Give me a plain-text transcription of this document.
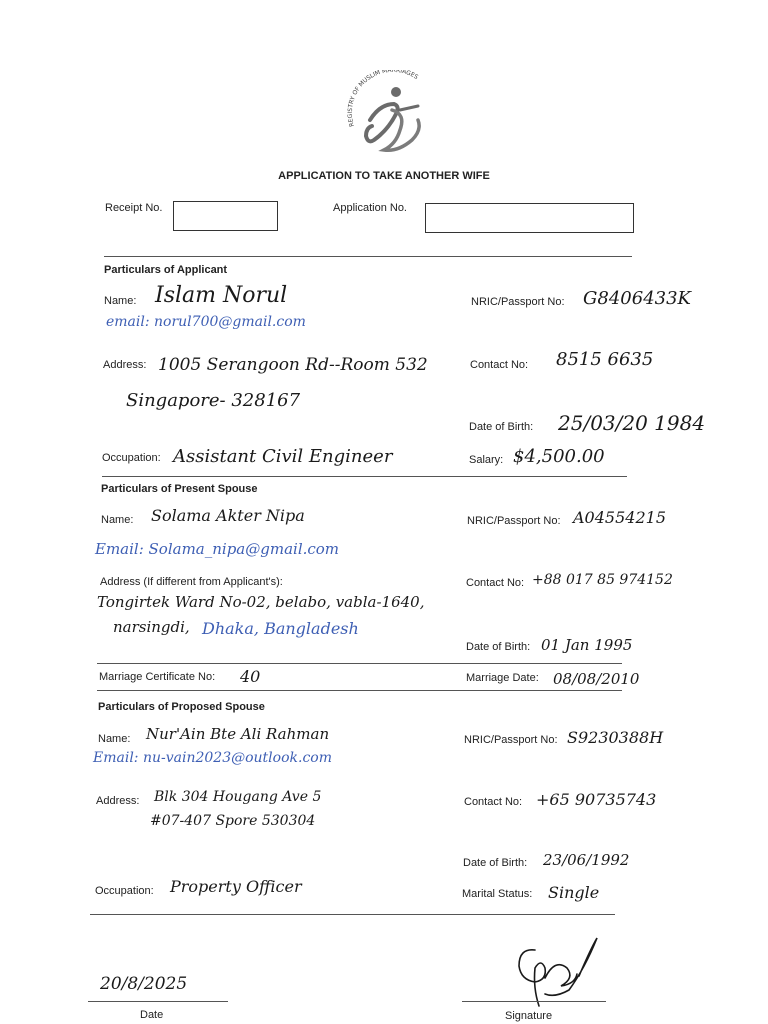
REGISTRY OF MUSLIM MARRIAGES
APPLICATION TO TAKE ANOTHER WIFE
Receipt No.	Application No.
Particulars of Applicant
Name: Islam Norul
email: norul700@gmail.com
NRIC/Passport No: G8406433K
Address: 1005 Serangoon Rd--Room 532
Singapore- 328167
Contact No: 8515 6635
Date of Birth: 25/03/20 1984
Occupation: Assistant Civil Engineer	Salary: $4,500.00
Particulars of Present Spouse
Name: Solama Akter Nipa
Email: Solama_nipa@gmail.com
NRIC/Passport No: A04554215
Address (If different from Applicant's):
Tongirtek Ward No-02, belabo, vabla-1640,
narsingdi, Dhaka, Bangladesh
Contact No: +88 017 85 974152
Date of Birth: 01 Jan 1995
Marriage Certificate No: 40	Marriage Date: 08/08/2010
Particulars of Proposed Spouse
Name: Nur'Ain Bte Ali Rahman
Email: nu-vain2023@outlook.com
NRIC/Passport No: S9230388H
Address: Blk 304 Hougang Ave 5
#07-407 Spore 530304
Contact No: +65 90735743
Date of Birth: 23/06/1992
Occupation: Property Officer	Marital Status: Single
20/8/2025
Date	Signature
